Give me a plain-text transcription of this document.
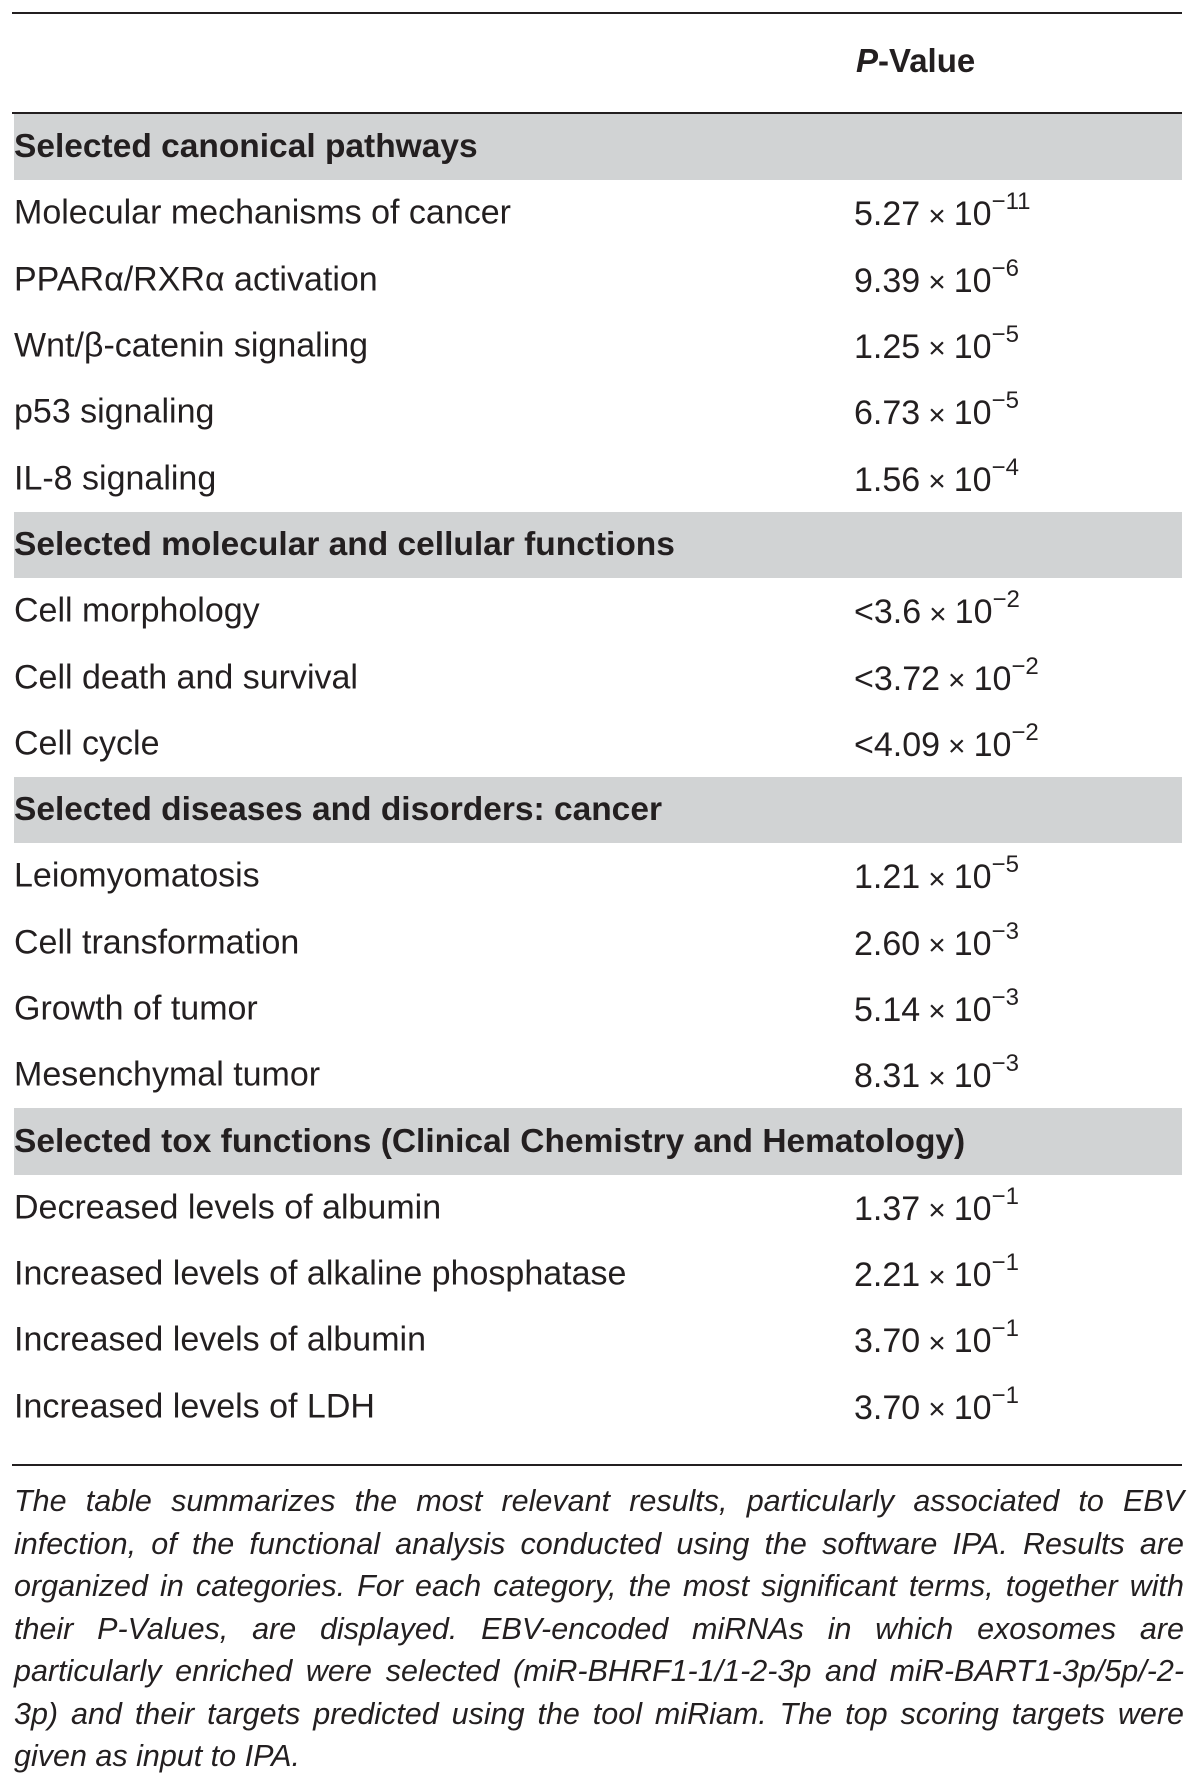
P-Value
Selected canonical pathways
Molecular mechanisms of cancer	$5.27 \times 10^{-11}$
PPARα/RXRα activation	$9.39 \times 10^{-6}$
Wnt/β-catenin signaling	$1.25 \times 10^{-5}$
p53 signaling	$6.73 \times 10^{-5}$
IL-8 signaling	$1.56 \times 10^{-4}$
Selected molecular and cellular functions
Cell morphology	$<3.6 \times 10^{-2}$
Cell death and survival	$<3.72 \times 10^{-2}$
Cell cycle	$<4.09 \times 10^{-2}$
Selected diseases and disorders: cancer
Leiomyomatosis	$1.21 \times 10^{-5}$
Cell transformation	$2.60 \times 10^{-3}$
Growth of tumor	$5.14 \times 10^{-3}$
Mesenchymal tumor	$8.31 \times 10^{-3}$
Selected tox functions (Clinical Chemistry and Hematology)
Decreased levels of albumin	$1.37 \times 10^{-1}$
Increased levels of alkaline phosphatase	$2.21 \times 10^{-1}$
Increased levels of albumin	$3.70 \times 10^{-1}$
Increased levels of LDH	$3.70 \times 10^{-1}$
The table summarizes the most relevant results, particularly associated to EBV infection, of the functional analysis conducted using the software IPA. Results are organized in categories. For each category, the most significant terms, together with their P-Values, are displayed. EBV-encoded miRNAs in which exosomes are particularly enriched were selected (miR-BHRF1-1/1-2-3p and miR-BART1-3p/5p/-2-3p) and their targets predicted using the tool miRiam. The top scoring targets were given as input to IPA.
